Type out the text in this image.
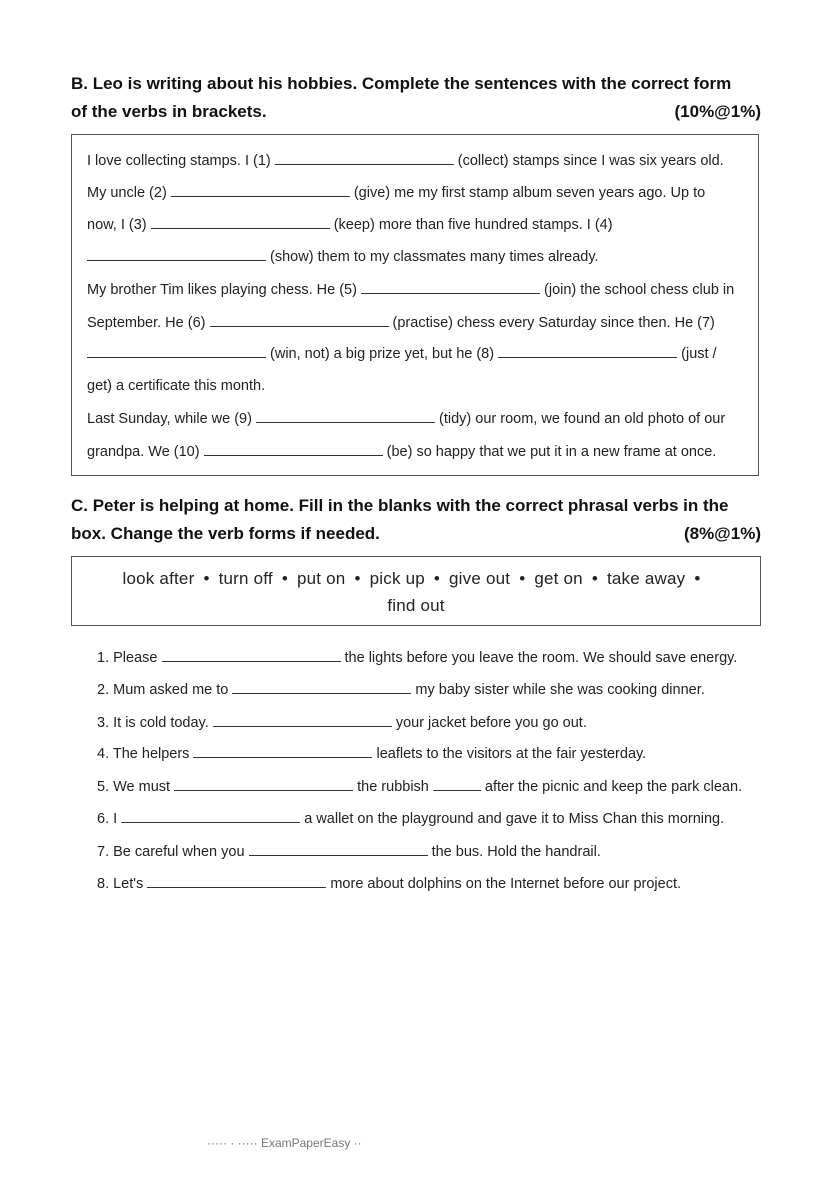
B. Leo is writing about his hobbies. Complete the sentences with the correct form
of the verbs in brackets.	(10%@1%)
I love collecting stamps. I (1)	(collect) stamps since I was six years old.
My uncle (2)	(give) me my first stamp album seven years ago. Up to
now, I (3)	(keep) more than five hundred stamps. I (4)
(show) them to my classmates many times already.
My brother Tim likes playing chess. He (5)	(join) the school chess club in
September. He (6)	(practise) chess every Saturday since then. He (7)
(win, not) a big prize yet, but he (8)	(just /
get) a certificate this month.
Last Sunday, while we (9)	(tidy) our room, we found an old photo of our
grandpa. We (10)	(be) so happy that we put it in a new frame at once.
C. Peter is helping at home. Fill in the blanks with the correct phrasal verbs in the
box. Change the verb forms if needed.	(8%@1%)
look after • turn off • put on • pick up • give out • get on • take away •
find out
1. Please	the lights before you leave the room. We should save energy.
2. Mum asked me to	my baby sister while she was cooking dinner.
3. It is cold today.	your jacket before you go out.
4. The helpers	leaflets to the visitors at the fair yesterday.
5. We must	the rubbish	after the picnic and keep the park clean.
6. I	a wallet on the playground and gave it to Miss Chan this morning.
7. Be careful when you	the bus. Hold the handrail.
8. Let's	more about dolphins on the Internet before our project.
····· · ····· ExamPaperEasy ··
